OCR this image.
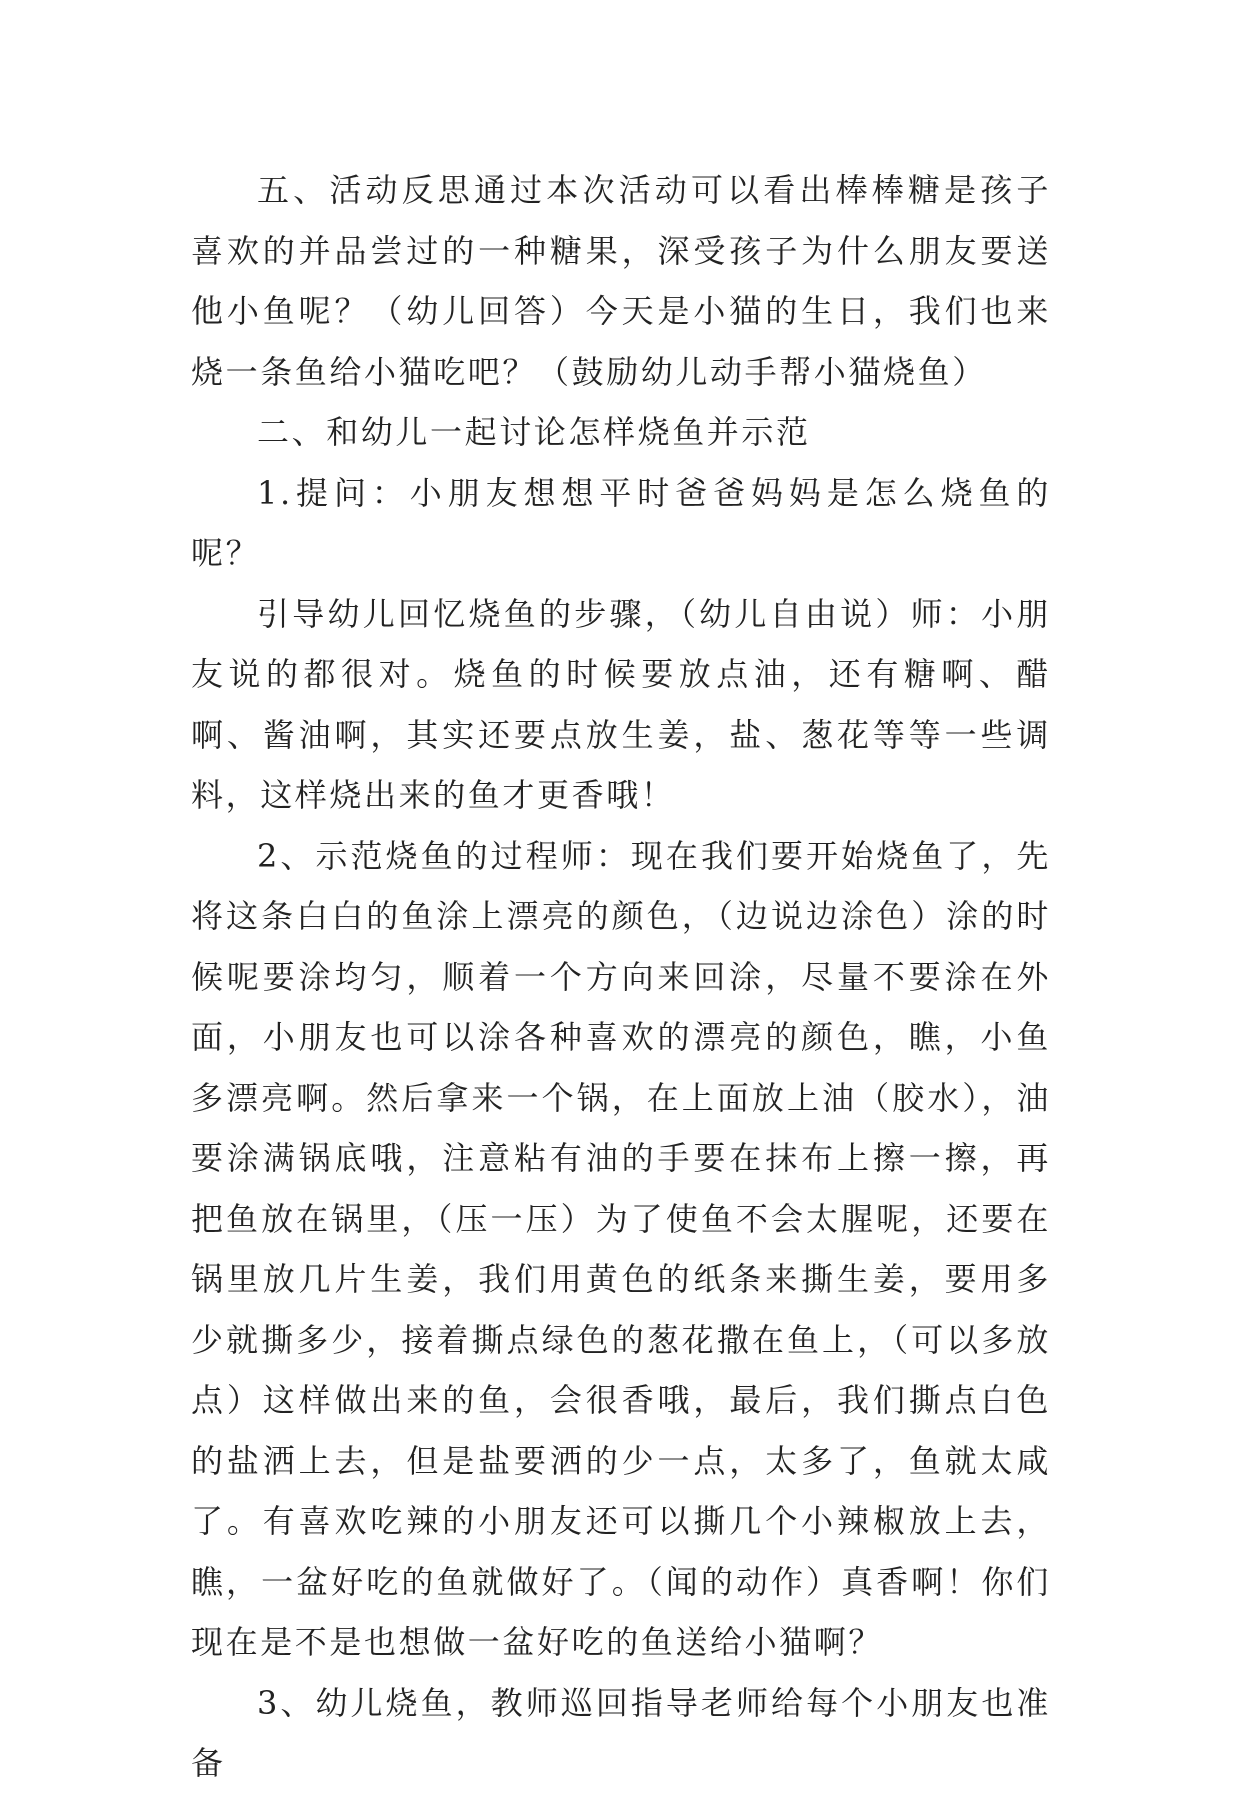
五、活动反思通过本次活动可以看出棒棒糖是孩子喜欢的并品尝过的一种糖果，深受孩子为什么朋友要送他小鱼呢？（幼儿回答）今天是小猫的生日，我们也来烧一条鱼给小猫吃吧？（鼓励幼儿动手帮小猫烧鱼）

二、和幼儿一起讨论怎样烧鱼并示范

1.提问：小朋友想想平时爸爸妈妈是怎么烧鱼的呢？

引导幼儿回忆烧鱼的步骤，（幼儿自由说）师：小朋友说的都很对。烧鱼的时候要放点油，还有糖啊、醋啊、酱油啊，其实还要点放生姜，盐、葱花等等一些调料，这样烧出来的鱼才更香哦！

2、示范烧鱼的过程师：现在我们要开始烧鱼了，先将这条白白的鱼涂上漂亮的颜色，（边说边涂色）涂的时候呢要涂均匀，顺着一个方向来回涂，尽量不要涂在外面，小朋友也可以涂各种喜欢的漂亮的颜色，瞧，小鱼多漂亮啊。然后拿来一个锅，在上面放上油（胶水），油要涂满锅底哦，注意粘有油的手要在抹布上擦一擦，再把鱼放在锅里，（压一压）为了使鱼不会太腥呢，还要在锅里放几片生姜，我们用黄色的纸条来撕生姜，要用多少就撕多少，接着撕点绿色的葱花撒在鱼上，（可以多放点）这样做出来的鱼，会很香哦，最后，我们撕点白色的盐洒上去，但是盐要洒的少一点，太多了，鱼就太咸了。有喜欢吃辣的小朋友还可以撕几个小辣椒放上去，瞧，一盆好吃的鱼就做好了。（闻的动作）真香啊！你们现在是不是也想做一盆好吃的鱼送给小猫啊？

3、幼儿烧鱼，教师巡回指导老师给每个小朋友也准备
